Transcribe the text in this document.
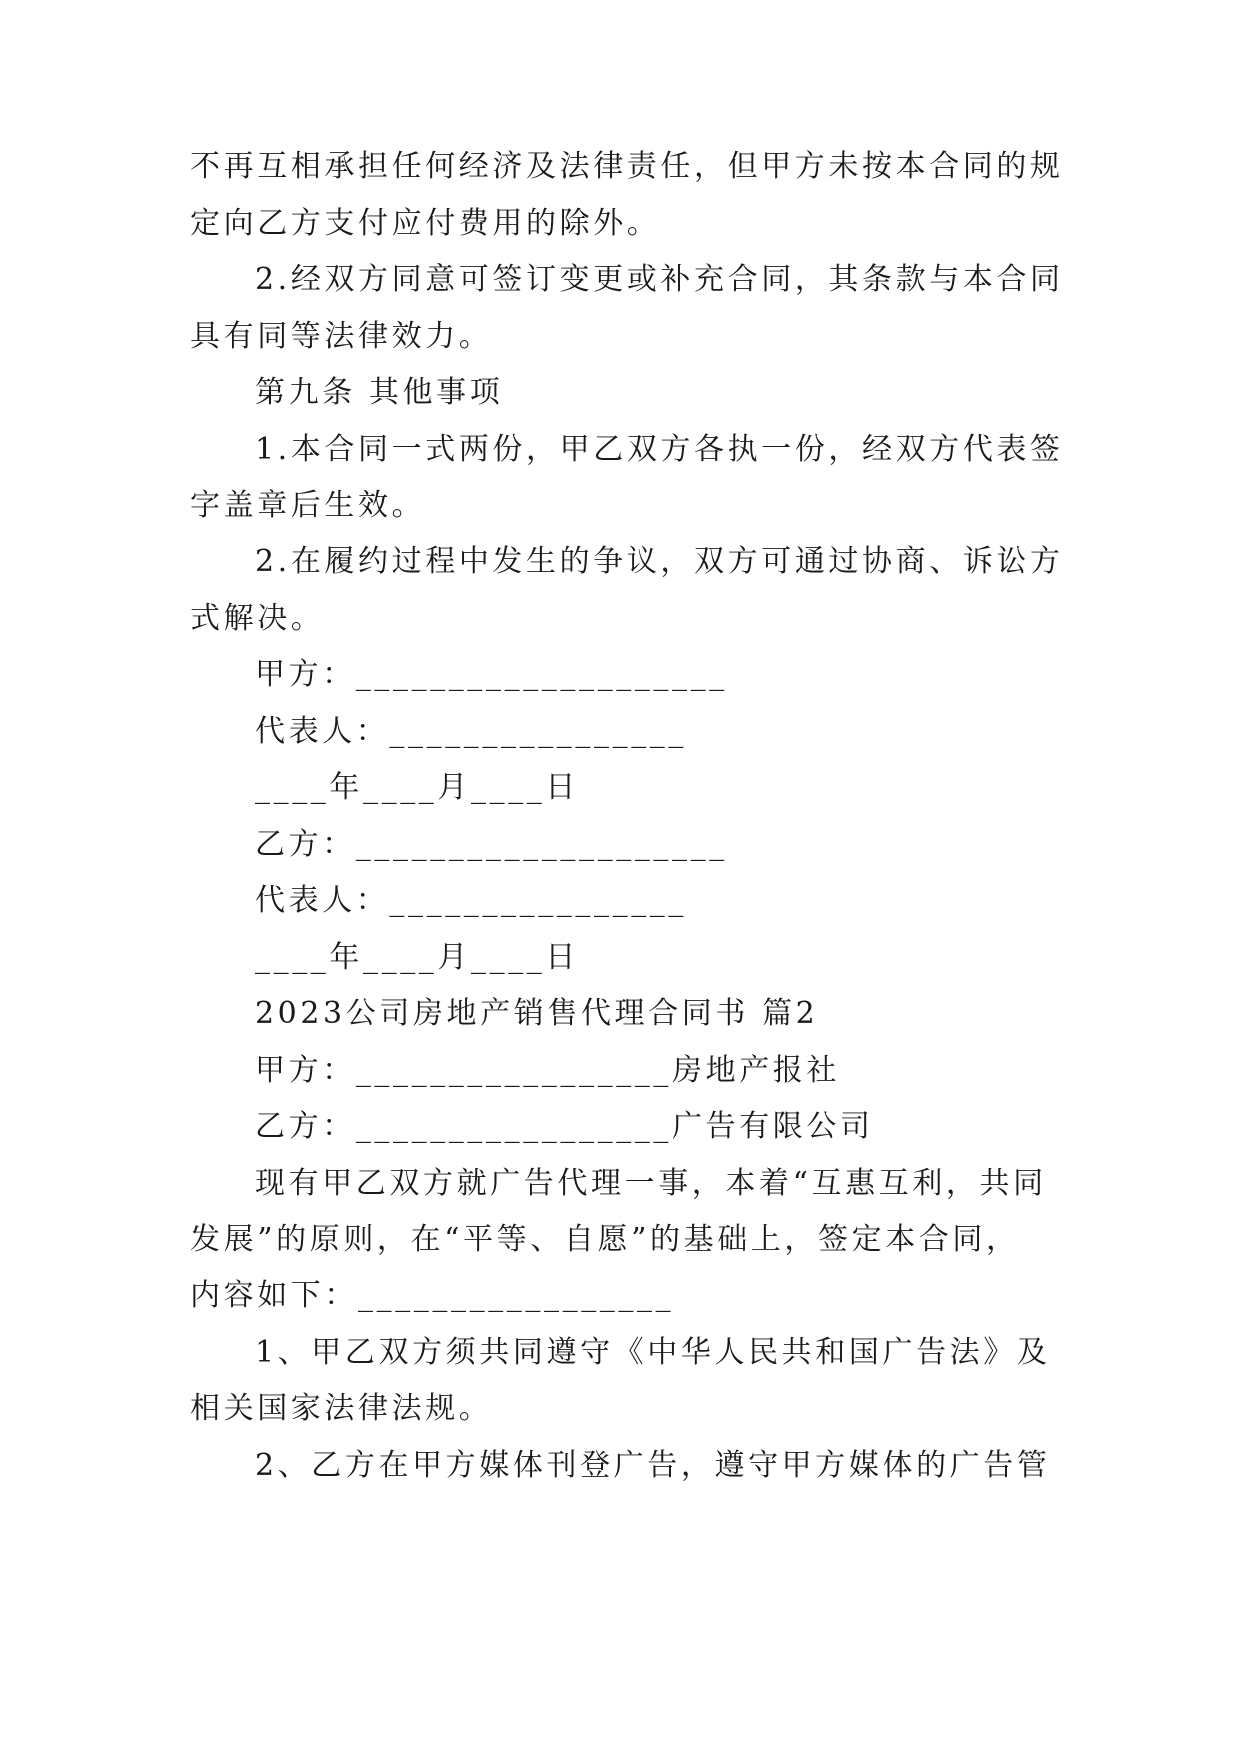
不再互相承担任何经济及法律责任，但甲方未按本合同的规
定向乙方支付应付费用的除外。
2.经双方同意可签订变更或补充合同，其条款与本合同
具有同等法律效力。
第九条 其他事项
1.本合同一式两份，甲乙双方各执一份，经双方代表签
字盖章后生效。
2.在履约过程中发生的争议，双方可通过协商、诉讼方
式解决。
甲方：____________________
代表人：________________
____年____月____日
乙方：____________________
代表人：________________
____年____月____日
2023公司房地产销售代理合同书 篇2
甲方：_________________房地产报社
乙方：_________________广告有限公司
现有甲乙双方就广告代理一事，本着“互惠互利，共同
发展”的原则，在“平等、自愿”的基础上，签定本合同，
内容如下：_________________
1、甲乙双方须共同遵守《中华人民共和国广告法》及
相关国家法律法规。
2、乙方在甲方媒体刊登广告，遵守甲方媒体的广告管
